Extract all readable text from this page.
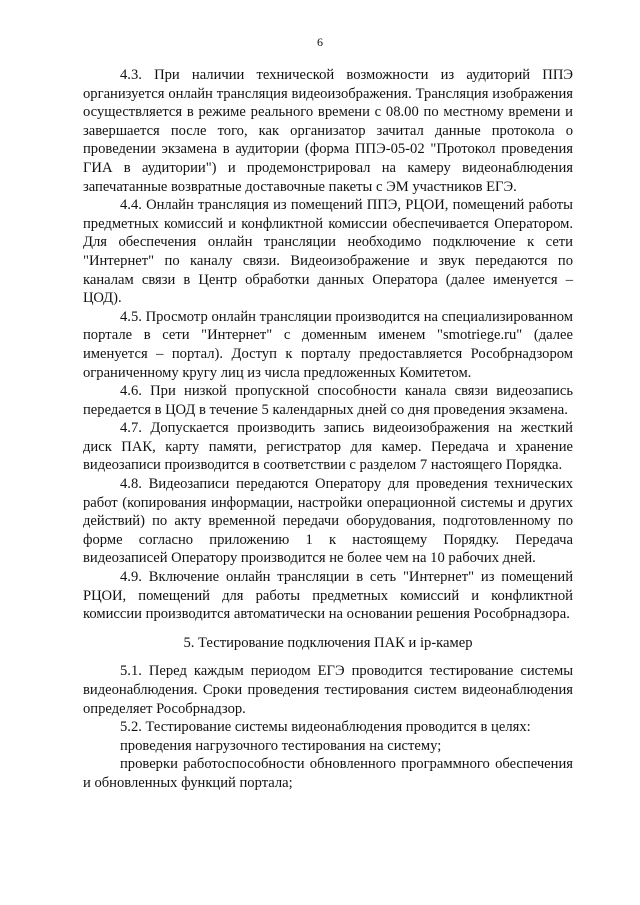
6

4.3. При наличии технической возможности из аудиторий ППЭ организуется онлайн трансляция видеоизображения. Трансляция изображения осуществляется в режиме реального времени с 08.00 по местному времени и завершается после того, как организатор зачитал данные протокола о проведении экзамена в аудитории (форма ППЭ-05-02 "Протокол проведения ГИА в аудитории") и продемонстрировал на камеру видеонаблюдения запечатанные возвратные доставочные пакеты с ЭМ участников ЕГЭ.

4.4. Онлайн трансляция из помещений ППЭ, РЦОИ, помещений работы предметных комиссий и конфликтной комиссии обеспечивается Оператором. Для обеспечения онлайн трансляции необходимо подключение к сети "Интернет" по каналу связи. Видеоизображение и звук передаются по каналам связи в Центр обработки данных Оператора (далее именуется – ЦОД).

4.5. Просмотр онлайн трансляции производится на специализированном портале в сети "Интернет" с доменным именем "smotriege.ru" (далее именуется – портал). Доступ к порталу предоставляется Рособрнадзором ограниченному кругу лиц из числа предложенных Комитетом.

4.6. При низкой пропускной способности канала связи видеозапись передается в ЦОД в течение 5 календарных дней со дня проведения экзамена.

4.7. Допускается производить запись видеоизображения на жесткий диск ПАК, карту памяти, регистратор для камер. Передача и хранение видеозаписи производится в соответствии с разделом 7 настоящего Порядка.

4.8. Видеозаписи передаются Оператору для проведения технических работ (копирования информации, настройки операционной системы и других действий) по акту временной передачи оборудования, подготовленному по форме согласно приложению 1 к настоящему Порядку. Передача видеозаписей Оператору производится не более чем на 10 рабочих дней.

4.9. Включение онлайн трансляции в сеть "Интернет" из помещений РЦОИ, помещений для работы предметных комиссий и конфликтной комиссии производится автоматически на основании решения Рособрнадзора.

5. Тестирование подключения ПАК и ip-камер

5.1. Перед каждым периодом ЕГЭ проводится тестирование системы видеонаблюдения. Сроки проведения тестирования систем видеонаблюдения определяет Рособрнадзор.

5.2. Тестирование системы видеонаблюдения проводится в целях:

проведения нагрузочного тестирования на систему;

проверки работоспособности обновленного программного обеспечения и обновленных функций портала;
